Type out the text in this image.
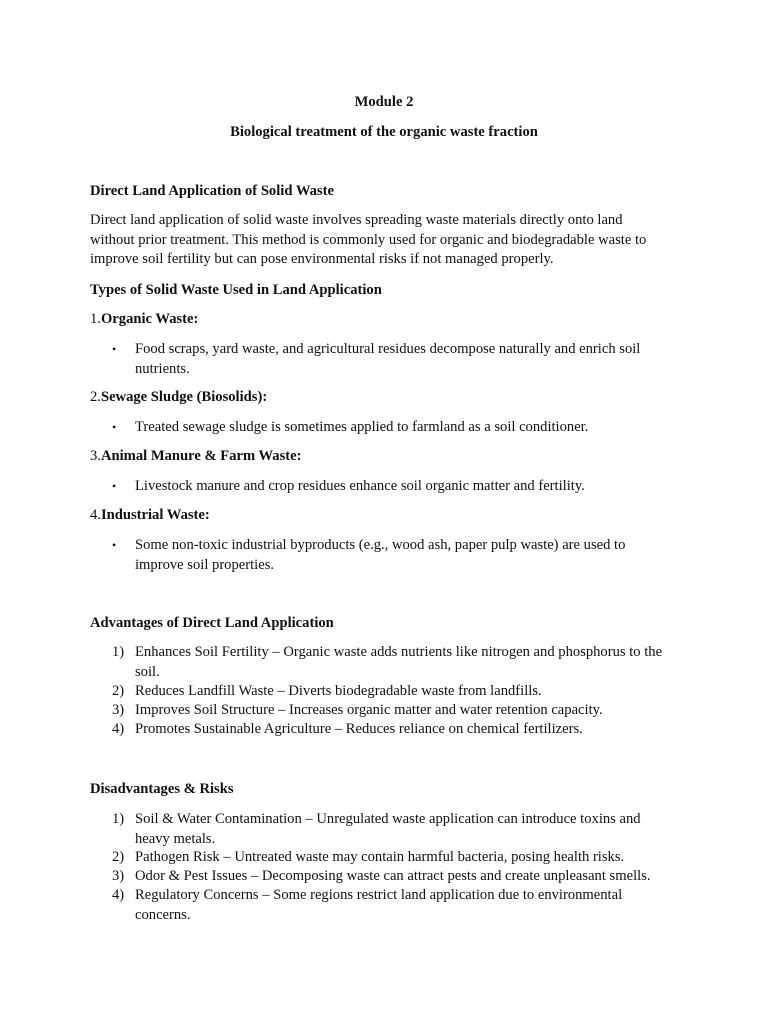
Module 2
Biological treatment of the organic waste fraction
Direct Land Application of Solid Waste
Direct land application of solid waste involves spreading waste materials directly onto land without prior treatment. This method is commonly used for organic and biodegradable waste to improve soil fertility but can pose environmental risks if not managed properly.
Types of Solid Waste Used in Land Application
1.Organic Waste:
•	Food scraps, yard waste, and agricultural residues decompose naturally and enrich soil nutrients.
2.Sewage Sludge (Biosolids):
•	Treated sewage sludge is sometimes applied to farmland as a soil conditioner.
3.Animal Manure & Farm Waste:
•	Livestock manure and crop residues enhance soil organic matter and fertility.
4.Industrial Waste:
•	Some non-toxic industrial byproducts (e.g., wood ash, paper pulp waste) are used to improve soil properties.
Advantages of Direct Land Application
1) Enhances Soil Fertility – Organic waste adds nutrients like nitrogen and phosphorus to the soil.
2) Reduces Landfill Waste – Diverts biodegradable waste from landfills.
3) Improves Soil Structure – Increases organic matter and water retention capacity.
4) Promotes Sustainable Agriculture – Reduces reliance on chemical fertilizers.
Disadvantages & Risks
1) Soil & Water Contamination – Unregulated waste application can introduce toxins and heavy metals.
2) Pathogen Risk – Untreated waste may contain harmful bacteria, posing health risks.
3) Odor & Pest Issues – Decomposing waste can attract pests and create unpleasant smells.
4) Regulatory Concerns – Some regions restrict land application due to environmental concerns.
